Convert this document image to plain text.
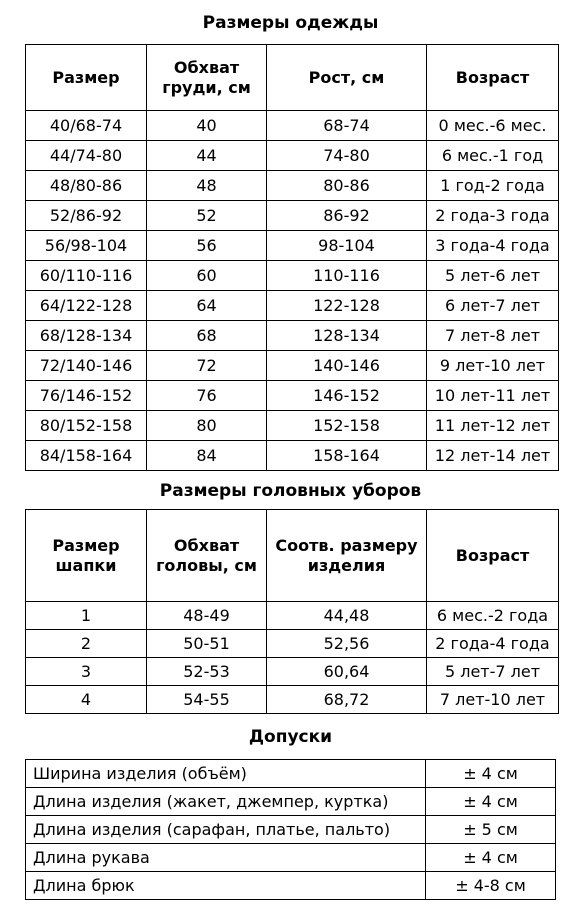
Размеры одежды
Размер	Обхват груди, см	Рост, см	Возраст
40/68-74	40	68-74	0 мес.-6 мес.
44/74-80	44	74-80	6 мес.-1 год
48/80-86	48	80-86	1 год-2 года
52/86-92	52	86-92	2 года-3 года
56/98-104	56	98-104	3 года-4 года
60/110-116	60	110-116	5 лет-6 лет
64/122-128	64	122-128	6 лет-7 лет
68/128-134	68	128-134	7 лет-8 лет
72/140-146	72	140-146	9 лет-10 лет
76/146-152	76	146-152	10 лет-11 лет
80/152-158	80	152-158	11 лет-12 лет
84/158-164	84	158-164	12 лет-14 лет
Размеры головных уборов
Размер шапки	Обхват головы, см	Соотв. размеру изделия	Возраст
1	48-49	44,48	6 мес.-2 года
2	50-51	52,56	2 года-4 года
3	52-53	60,64	5 лет-7 лет
4	54-55	68,72	7 лет-10 лет
Допуски
Ширина изделия (объём)	± 4 см
Длина изделия (жакет, джемпер, куртка)	± 4 см
Длина изделия (сарафан, платье, пальто)	± 5 см
Длина рукава	± 4 см
Длина брюк	± 4-8 см
